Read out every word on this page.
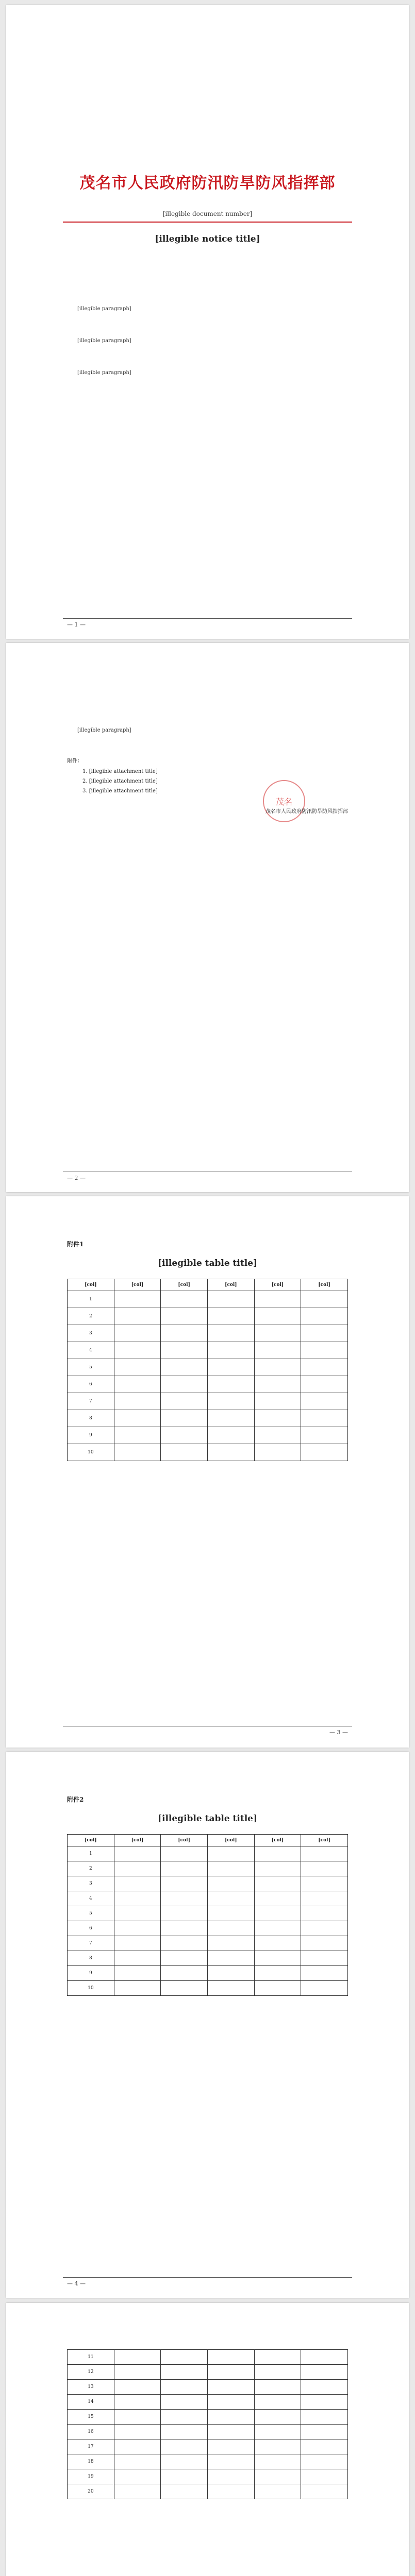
茂名市人民政府防汛防旱防风指挥部
[illegible document number]
[illegible notice title]

[illegible paragraph]

[illegible paragraph]

[illegible paragraph]

— 1 —

[illegible paragraph]

附件：
1. [illegible attachment title]
2. [illegible attachment title]
3. [illegible attachment title]
茂名
茂名市人民政府防汛防旱防风指挥部
— 2 —
附件1
[illegible table title]
[col]	[col]	[col]	[col]	[col]	[col]
1					
2					
3					
4					
5					
6					
7					
8					
9					
10					
— 3 —
附件2
[illegible table title]
[col]	[col]	[col]	[col]	[col]	[col]
1					
2					
3					
4					
5					
6					
7					
8					
9					
10					
— 4 —
11					
12					
13					
14					
15					
16					
17					
18					
19					
20					
